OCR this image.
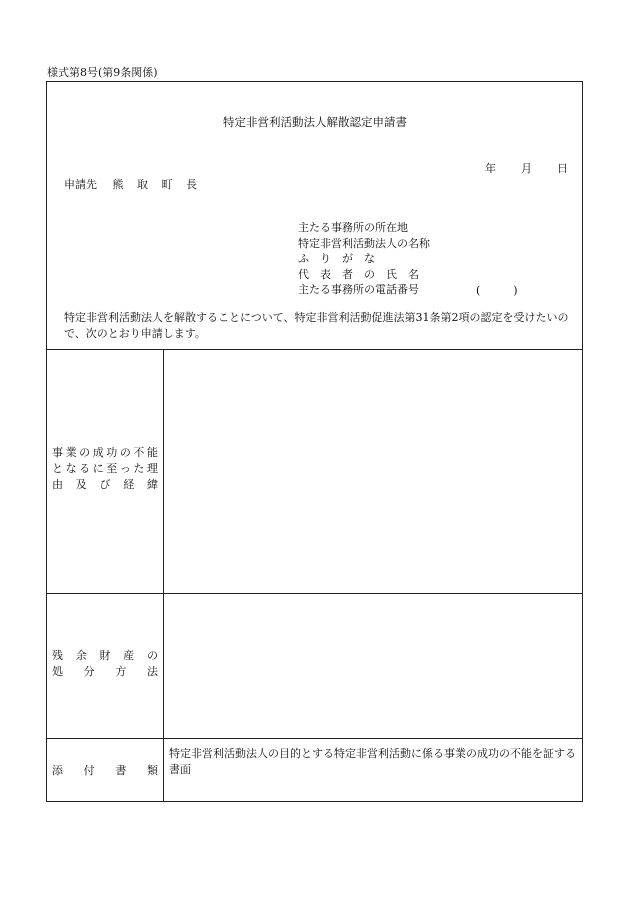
様式第8号(第9条関係)
特定非営利活動法人解散認定申請書
年 月 日
申請先 熊 取 町 長
主たる事務所の所在地
特定非営利活動法人の名称
ふ　り　が　な
代　表　者　の　氏　名
主たる事務所の電話番号	(　　　)
特定非営利活動法人を解散することについて、特定非営利活動促進法第31条第2項の認定を受けたいので、次のとおり申請します。
事 業 の 成 功 の 不 能
と な る に 至 っ た 理
由 及 び 経 緯
残 余 財 産 の
処 分 方 法
添 付 書 類
特定非営利活動法人の目的とする特定非営利活動に係る事業の成功の不能を証する書面
